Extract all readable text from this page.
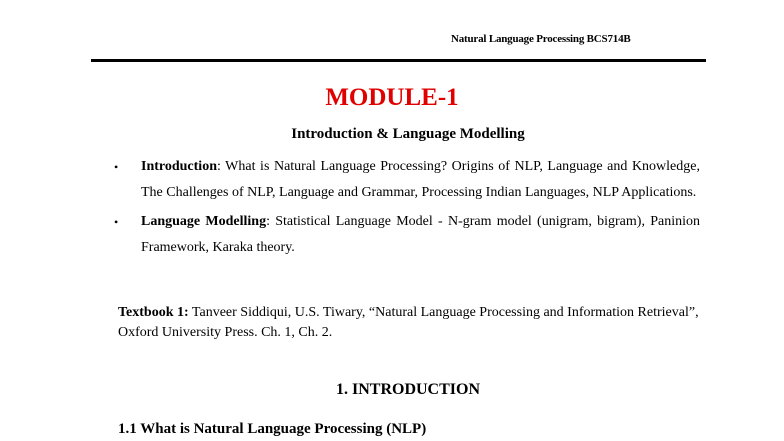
Natural Language Processing BCS714B
MODULE-1
Introduction & Language Modelling
• Introduction: What is Natural Language Processing? Origins of NLP, Language and Knowledge, The Challenges of NLP, Language and Grammar, Processing Indian Languages, NLP Applications.
• Language Modelling: Statistical Language Model - N-gram model (unigram, bigram), Paninion Framework, Karaka theory.
Textbook 1: Tanveer Siddiqui, U.S. Tiwary, “Natural Language Processing and Information Retrieval”, Oxford University Press. Ch. 1, Ch. 2.
1. INTRODUCTION
1.1 What is Natural Language Processing (NLP)
